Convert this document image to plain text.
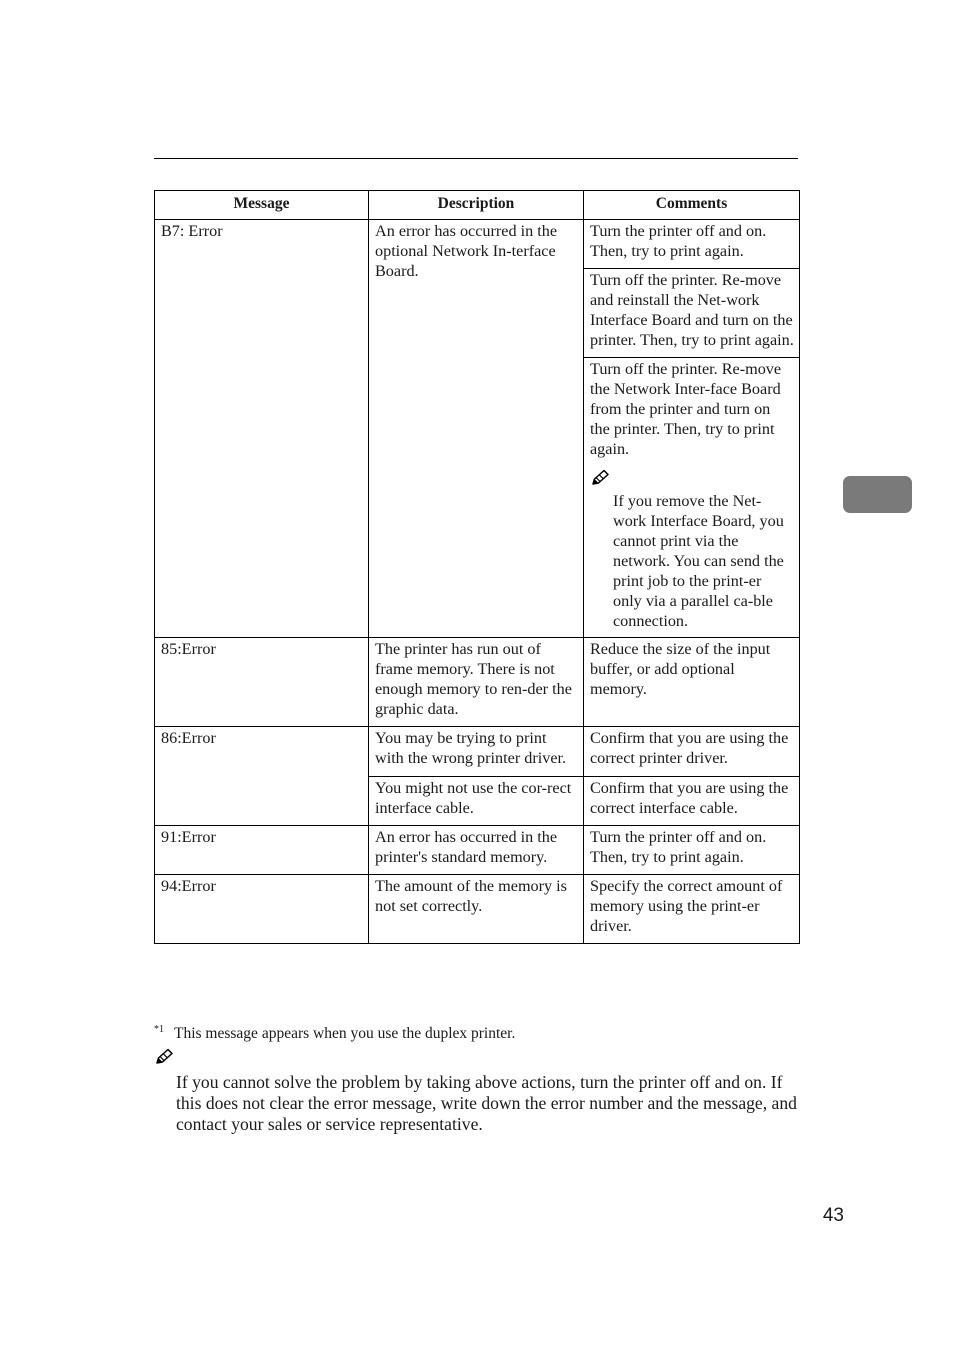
Message	Description	Comments
B7: Error	An error has occurred in the optional Network In-terface Board.	Turn the printer off and on. Then, try to print again.
		Turn off the printer. Re-move and reinstall the Net-work Interface Board and turn on the printer. Then, try to print again.

		Turn off the printer. Re-move the Network Inter-face Board from the printer and turn on the printer. Then, try to print again.
If you remove the Net-work Interface Board, you cannot print via the network. You can send the print job to the print-er only via a parallel ca-ble connection.

85:Error	The printer has run out of frame memory. There is not enough memory to ren-der the graphic data.	Reduce the size of the input buffer, or add optional memory.
86:Error	You may be trying to print with the wrong printer driver.	Confirm that you are using the correct printer driver.
	You might not use the cor-rect interface cable.	Confirm that you are using the correct interface cable.
91:Error	An error has occurred in the printer's standard memory.	Turn the printer off and on. Then, try to print again.
94:Error	The amount of the memory is not set correctly.	Specify the correct amount of memory using the print-er driver.
$^{*1}$ This message appears when you use the duplex printer.

If you cannot solve the problem by taking above actions, turn the printer off and on. If this does not clear the error message, write down the error number and the message, and contact your sales or service representative.

43
